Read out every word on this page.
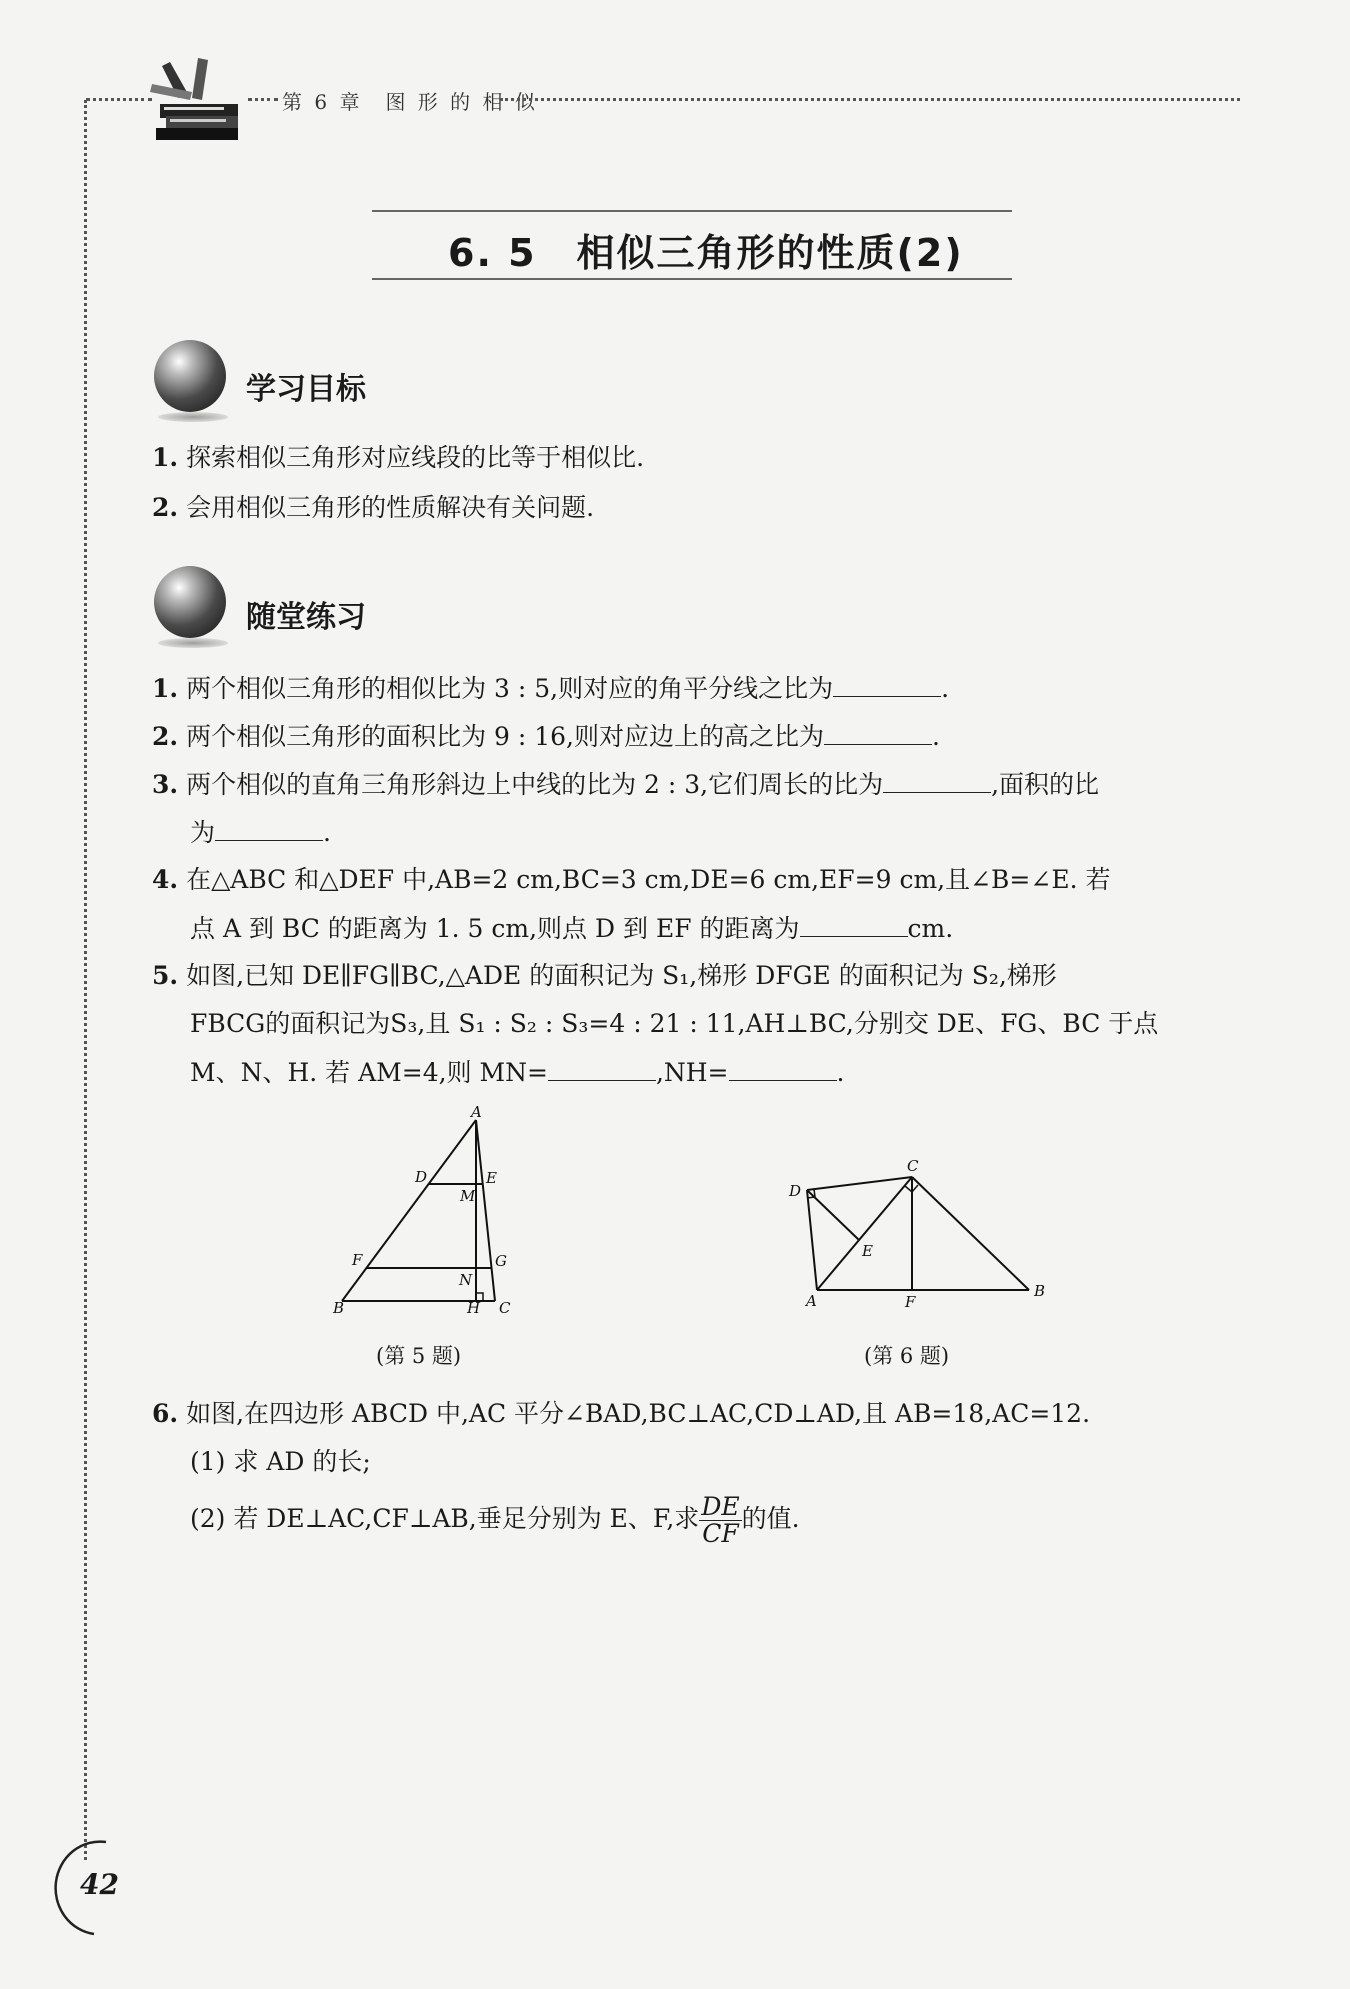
第 6 章　图 形 的 相 似
6. 5　相似三角形的性质(2)
学习目标
1. 探索相似三角形对应线段的比等于相似比.
2. 会用相似三角形的性质解决有关问题.
随堂练习
1. 两个相似三角形的相似比为 3 : 5,则对应的角平分线之比为	.
2. 两个相似三角形的面积比为 9 : 16,则对应边上的高之比为	.
3. 两个相似的直角三角形斜边上中线的比为 2 : 3,它们周长的比为	,面积的比
为	.
4. 在△ABC 和△DEF 中,AB=2 cm,BC=3 cm,DE=6 cm,EF=9 cm,且∠B=∠E. 若
点 A 到 BC 的距离为 1. 5 cm,则点 D 到 EF 的距离为	cm.
5. 如图,已知 DE∥FG∥BC,△ADE 的面积记为 S₁,梯形 DFGE 的面积记为 S₂,梯形
FBCG的面积记为S₃,且 S₁ : S₂ : S₃=4 : 21 : 11,AH⊥BC,分别交 DE、FG、BC 于点
M、N、H. 若 AM=4,则 MN=	,NH=	.
A
D	E
M
F	G
N
B	H C
(第 5 题)
D
C
E
A	F
B
(第 6 题)
6. 如图,在四边形 ABCD 中,AC 平分∠BAD,BC⊥AC,CD⊥AD,且 AB=18,AC=12.
(1) 求 AD 的长;
(2) 若 DE⊥AC,CF⊥AB,垂足分别为 E、F,求 $\frac{DE}{CF}$ 的值.
42
